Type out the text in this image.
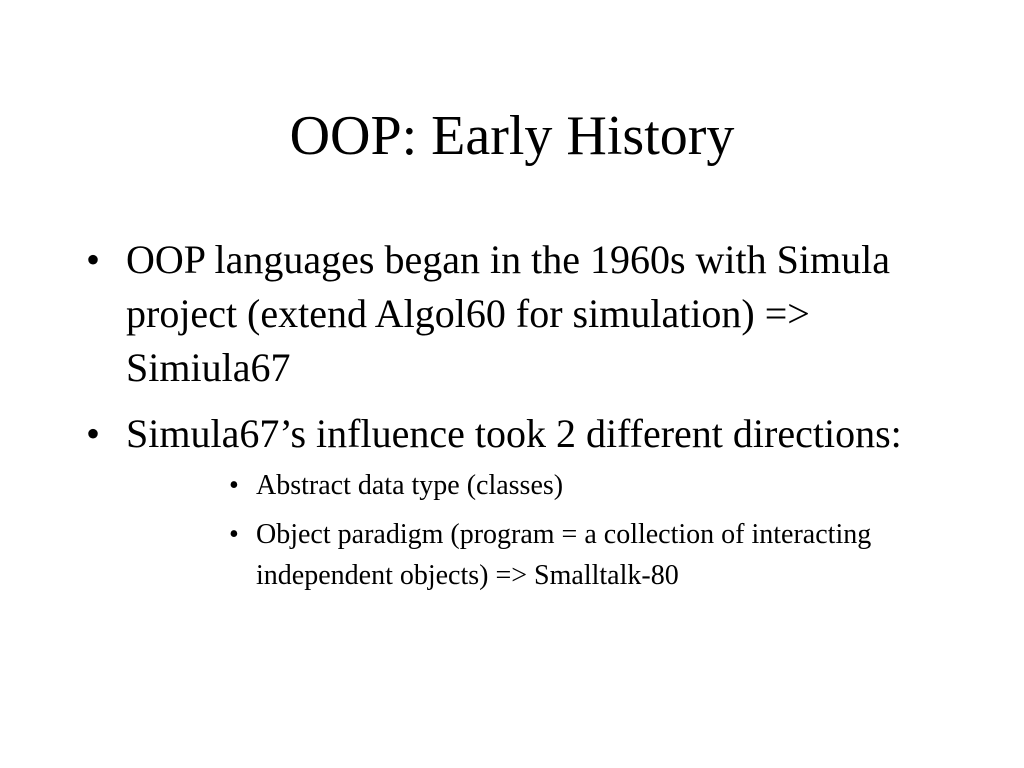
OOP: Early History
• OOP languages began in the 1960s with Simula project (extend Algol60 for simulation) => Simiula67
• Simula67’s influence took 2 different directions:
• Abstract data type (classes)
• Object paradigm (program = a collection of interacting independent objects) => Smalltalk-80
